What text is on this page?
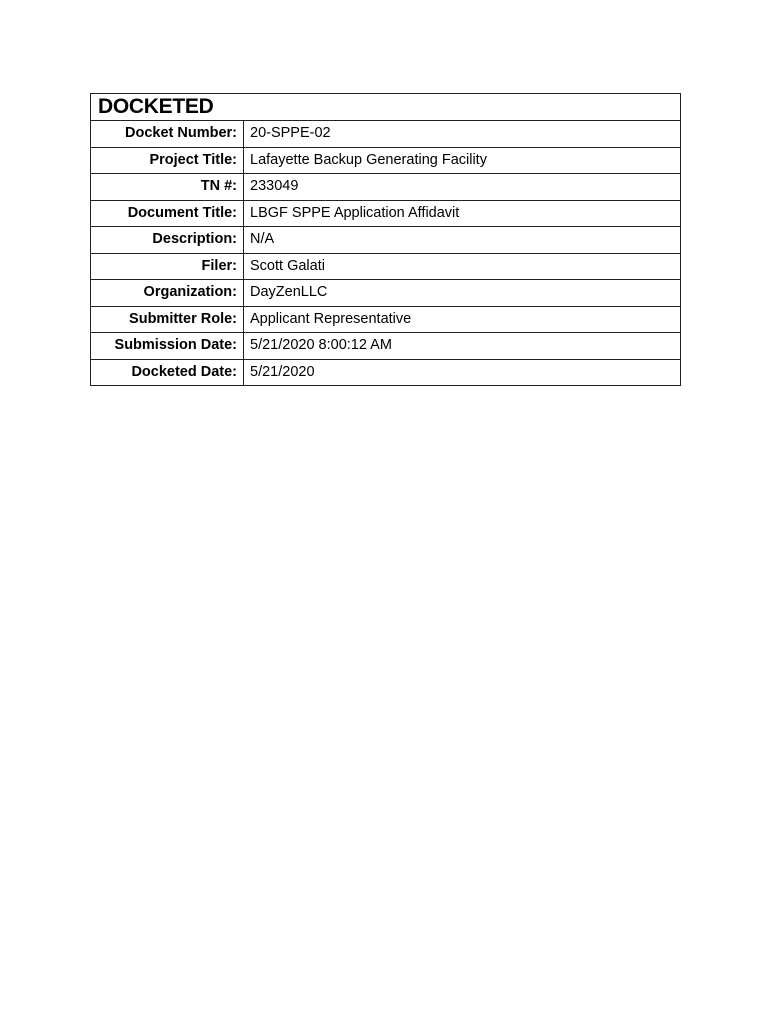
DOCKETED
Docket Number:	20-SPPE-02
Project Title:	Lafayette Backup Generating Facility
TN #:	233049
Document Title:	LBGF SPPE Application Affidavit
Description:	N/A
Filer:	Scott Galati
Organization:	DayZenLLC
Submitter Role:	Applicant Representative
Submission Date:	5/21/2020 8:00:12 AM
Docketed Date:	5/21/2020
